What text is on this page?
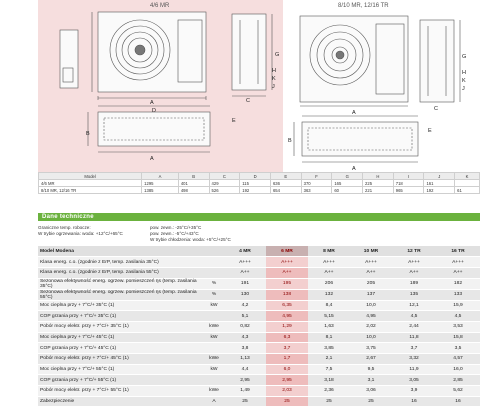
A
B
A
D
C
G
H
K
J
E
A
B
A
C
G
H
K
J
E
4/6 MR	8/10 MR, 12/16 TR
Model	A	B	C	D	E	F	G	H	I	J	K
4/6 MR	1295	401	429	115	636	370	165	225	718	161	
8/10 MR, 12/16 TR	1385	498	526	192	654	363	60	221	965	192	61
Dane techniczne
Graniczne temp. robocze:
W trybie ogrzewania: woda: +12°C/+65°C
pow. zewn.: -25°C/+35°C
pow. zewn.: -5°C/+43°C
W trybie chłodzenia: woda: +5°C/+25°C
Model Modena		4 MR	6 MR	8 MR	10 MR	12 TR	16 TR
Klasa energ. c.o. (zgodnie z ErP, temp. zasilania 35°C)		A+++	A+++	A+++	A+++	A+++	A+++
Klasa energ. c.o. (zgodnie z ErP, temp. zasilania 55°C)		A++	A++	A++	A++	A++	A++
Sezonowa efektywność energ. ogrzew. pomieszczeń ηs (temp. zasilania 35°C)	%	191	195	206	205	189	182
Sezonowa efektywność energ. ogrzew. pomieszczeń ηs (temp. zasilania 55°C)	%	130	138	132	137	135	133
Moc cieplna przy + 7°C/+ 35°C (1)	kW	4,2	6,35	8,4	10,0	12,1	15,9
COP grzania przy + 7°C/+ 35°C (1)		5,1	4,95	5,15	4,95	4,5	4,5
Pobór mocy elektr. przy + 7°C/+ 35°C (1)	kWe	0,82	1,29	1,63	2,02	2,44	3,53
Moc cieplna przy + 7°C/+ 45°C (1)	kW	4,3	6,3	8,1	10,0	11,8	15,8
COP grzania przy + 7°C/+ 45°C (1)		3,8	3,7	3,85	3,75	3,7	3,5
Pobór mocy elektr. przy + 7°C/+ 45°C (1)	kWe	1,13	1,7	2,1	2,67	3,32	4,57
Moc cieplna przy + 7°C/+ 55°C (1)	kW	4,4	6,0	7,5	9,5	11,9	16,0
COP grzania przy + 7°C/+ 55°C (1)		2,95	2,95	3,18	3,1	3,05	2,85
Pobór mocy elektr. przy + 7°C/+ 55°C (1)	kWe	1,49	2,03	2,36	3,06	3,9	5,62
Zabezpieczenie	A	25	25	25	25	16	16
